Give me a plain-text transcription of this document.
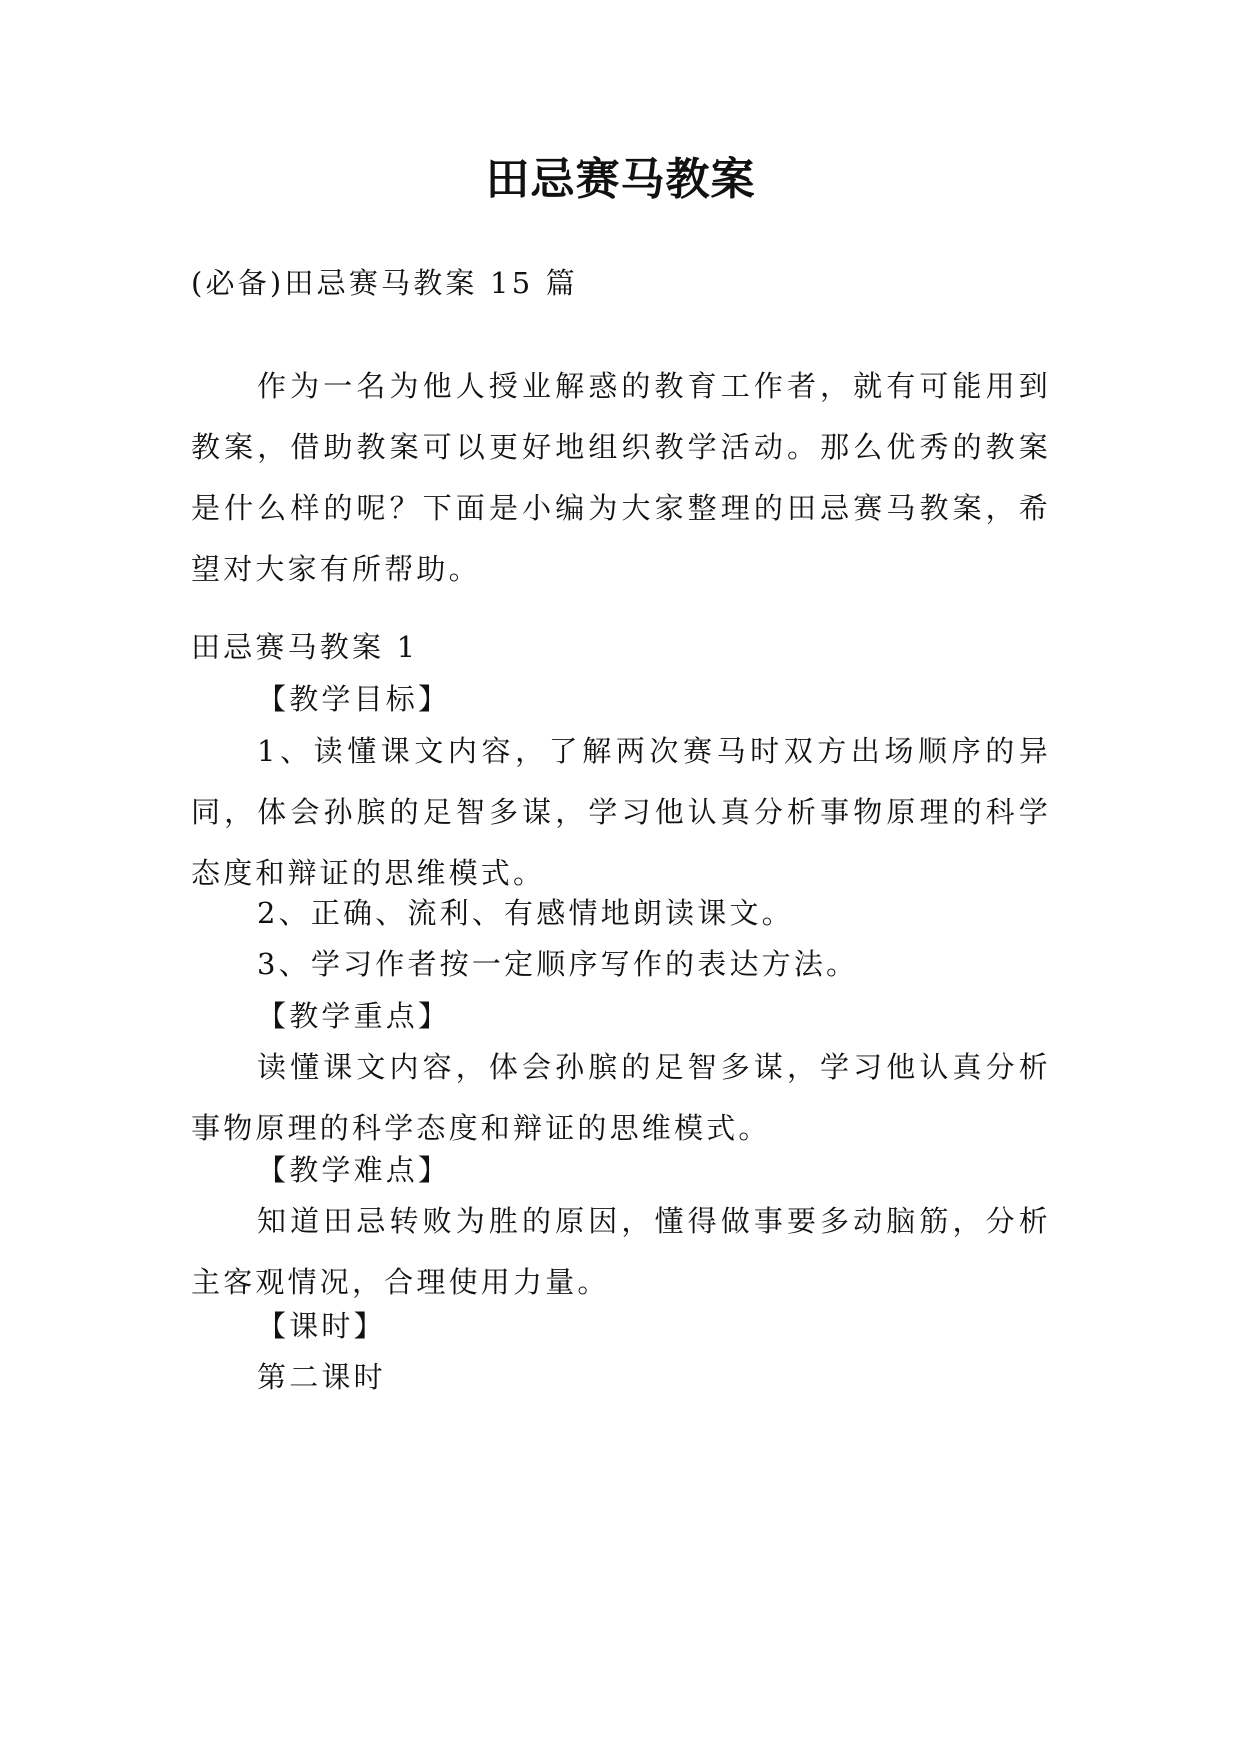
田忌赛马教案
(必备)田忌赛马教案 15 篇
作为一名为他人授业解惑的教育工作者，就有可能用到教案，借助教案可以更好地组织教学活动。那么优秀的教案是什么样的呢？下面是小编为大家整理的田忌赛马教案，希望对大家有所帮助。
田忌赛马教案 1
【教学目标】
1、读懂课文内容，了解两次赛马时双方出场顺序的异同，体会孙膑的足智多谋，学习他认真分析事物原理的科学态度和辩证的思维模式。
2、正确、流利、有感情地朗读课文。
3、学习作者按一定顺序写作的表达方法。
【教学重点】
读懂课文内容，体会孙膑的足智多谋，学习他认真分析事物原理的科学态度和辩证的思维模式。
【教学难点】
知道田忌转败为胜的原因，懂得做事要多动脑筋，分析主客观情况，合理使用力量。
【课时】
第二课时
